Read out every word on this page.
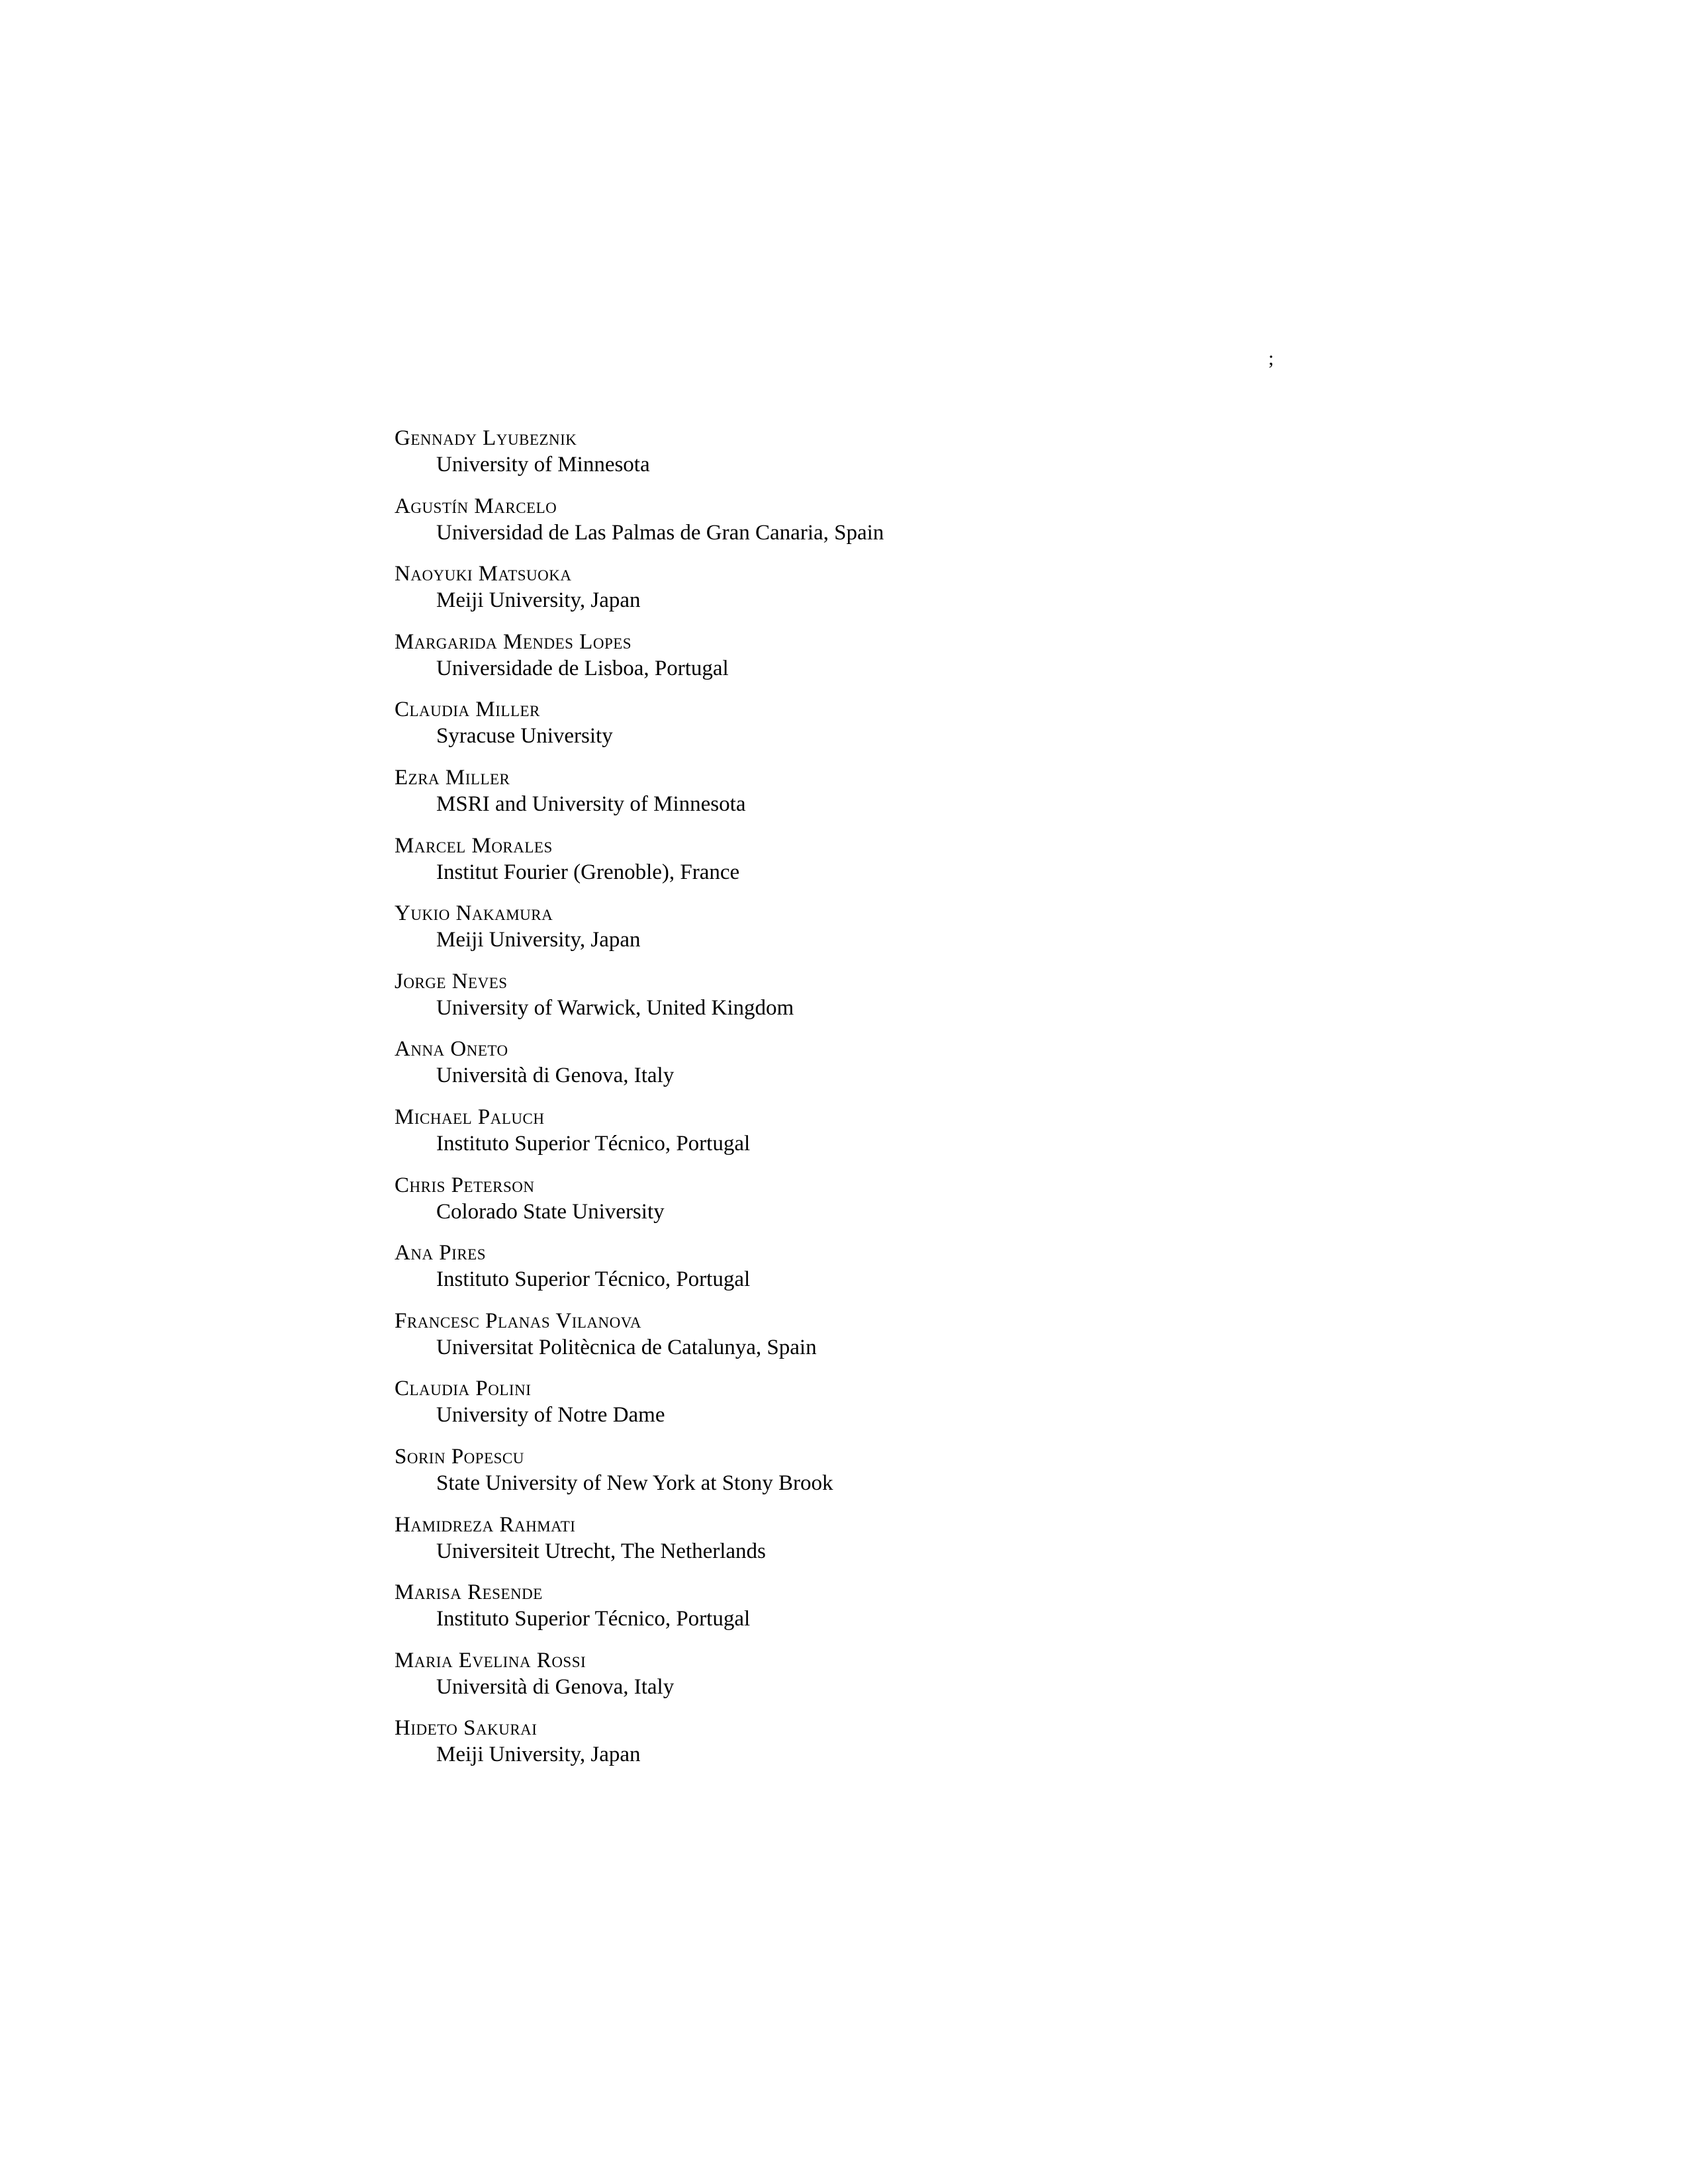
;
Gennady Lyubeznik
University of Minnesota
Agustín Marcelo
Universidad de Las Palmas de Gran Canaria, Spain
Naoyuki Matsuoka
Meiji University, Japan
Margarida Mendes Lopes
Universidade de Lisboa, Portugal
Claudia Miller
Syracuse University
Ezra Miller
MSRI and University of Minnesota
Marcel Morales
Institut Fourier (Grenoble), France
Yukio Nakamura
Meiji University, Japan
Jorge Neves
University of Warwick, United Kingdom
Anna Oneto
Università di Genova, Italy
Michael Paluch
Instituto Superior Técnico, Portugal
Chris Peterson
Colorado State University
Ana Pires
Instituto Superior Técnico, Portugal
Francesc Planas Vilanova
Universitat Politècnica de Catalunya, Spain
Claudia Polini
University of Notre Dame
Sorin Popescu
State University of New York at Stony Brook
Hamidreza Rahmati
Universiteit Utrecht, The Netherlands
Marisa Resende
Instituto Superior Técnico, Portugal
Maria Evelina Rossi
Università di Genova, Italy
Hideto Sakurai
Meiji University, Japan
